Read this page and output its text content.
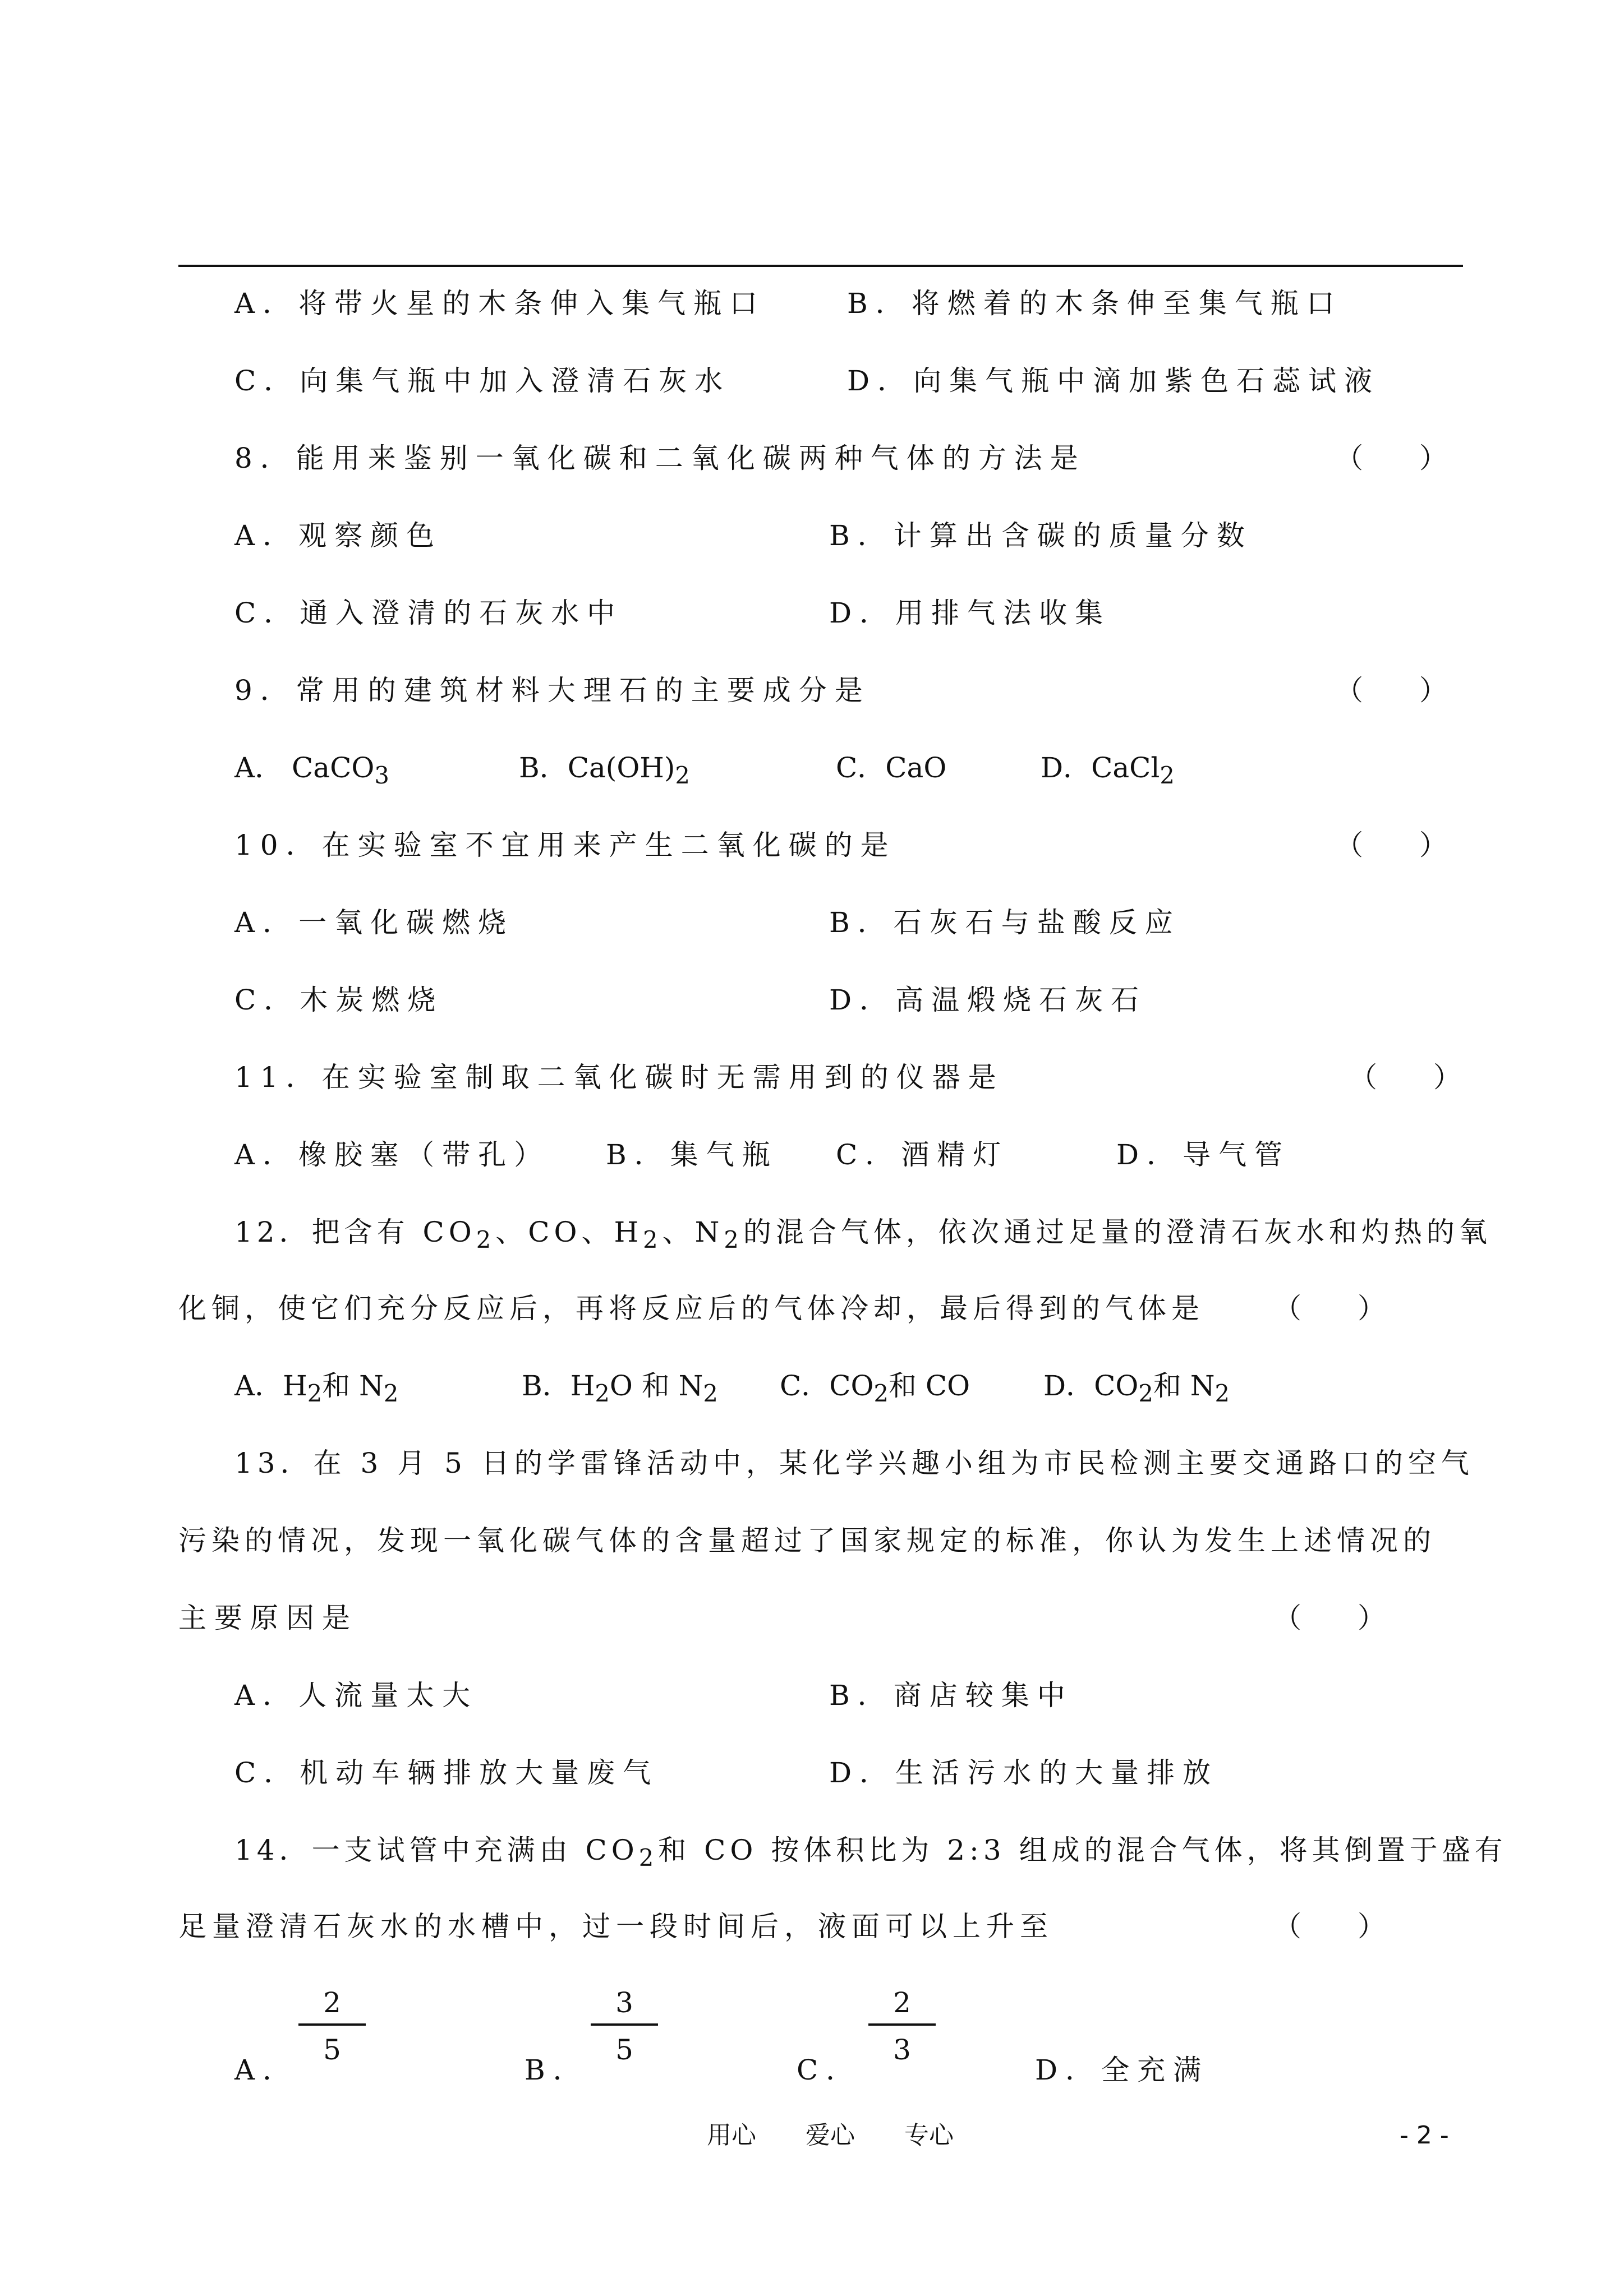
A．将带火星的木条伸入集气瓶口	B．将燃着的木条伸至集气瓶口
C．向集气瓶中加入澄清石灰水	D．向集气瓶中滴加紫色石蕊试液
8．能用来鉴别一氧化碳和二氧化碳两种气体的方法是	（　　）
A．观察颜色	B．计算出含碳的质量分数
C．通入澄清的石灰水中	D．用排气法收集
9．常用的建筑材料大理石的主要成分是	（　　）
A． CaCO$_3$	B．$Ca(OH)_2$	C．CaO	D．CaCl$_2$
10．在实验室不宜用来产生二氧化碳的是	（　　）
A．一氧化碳燃烧	B．石灰石与盐酸反应
C．木炭燃烧	D．高温煅烧石灰石
11．在实验室制取二氧化碳时无需用到的仪器是	（　　）
A．橡胶塞（带孔） B．集气瓶 C．酒精灯	D．导气管
12．把含有 $CO_2$、CO、$H_2$、$N_2$的混合气体，依次通过足量的澄清石灰水和灼热的氧
化铜，使它们充分反应后，再将反应后的气体冷却，最后得到的气体是 （　　）
A．$H_2$和 $N_2$	B．$H_2O$ 和 $N_2$ C．$CO_2$和 CO	D．$CO_2$和 $N_2$
13．在 3 月 5 日的学雷锋活动中，某化学兴趣小组为市民检测主要交通路口的空气
污染的情况，发现一氧化碳气体的含量超过了国家规定的标准，你认为发生上述情况的
主要原因是	（　　）
A．人流量太大	B．商店较集中
C．机动车辆排放大量废气	D．生活污水的大量排放
14．一支试管中充满由 $CO_2$和 CO 按体积比为 2:3 组成的混合气体，将其倒置于盛有
足量澄清石灰水的水槽中，过一段时间后，液面可以上升至	（　　）
A．
2
5
B．
3
5
C．
2
3
D．全充满
用心　　爱心　　专心	- 2 -
